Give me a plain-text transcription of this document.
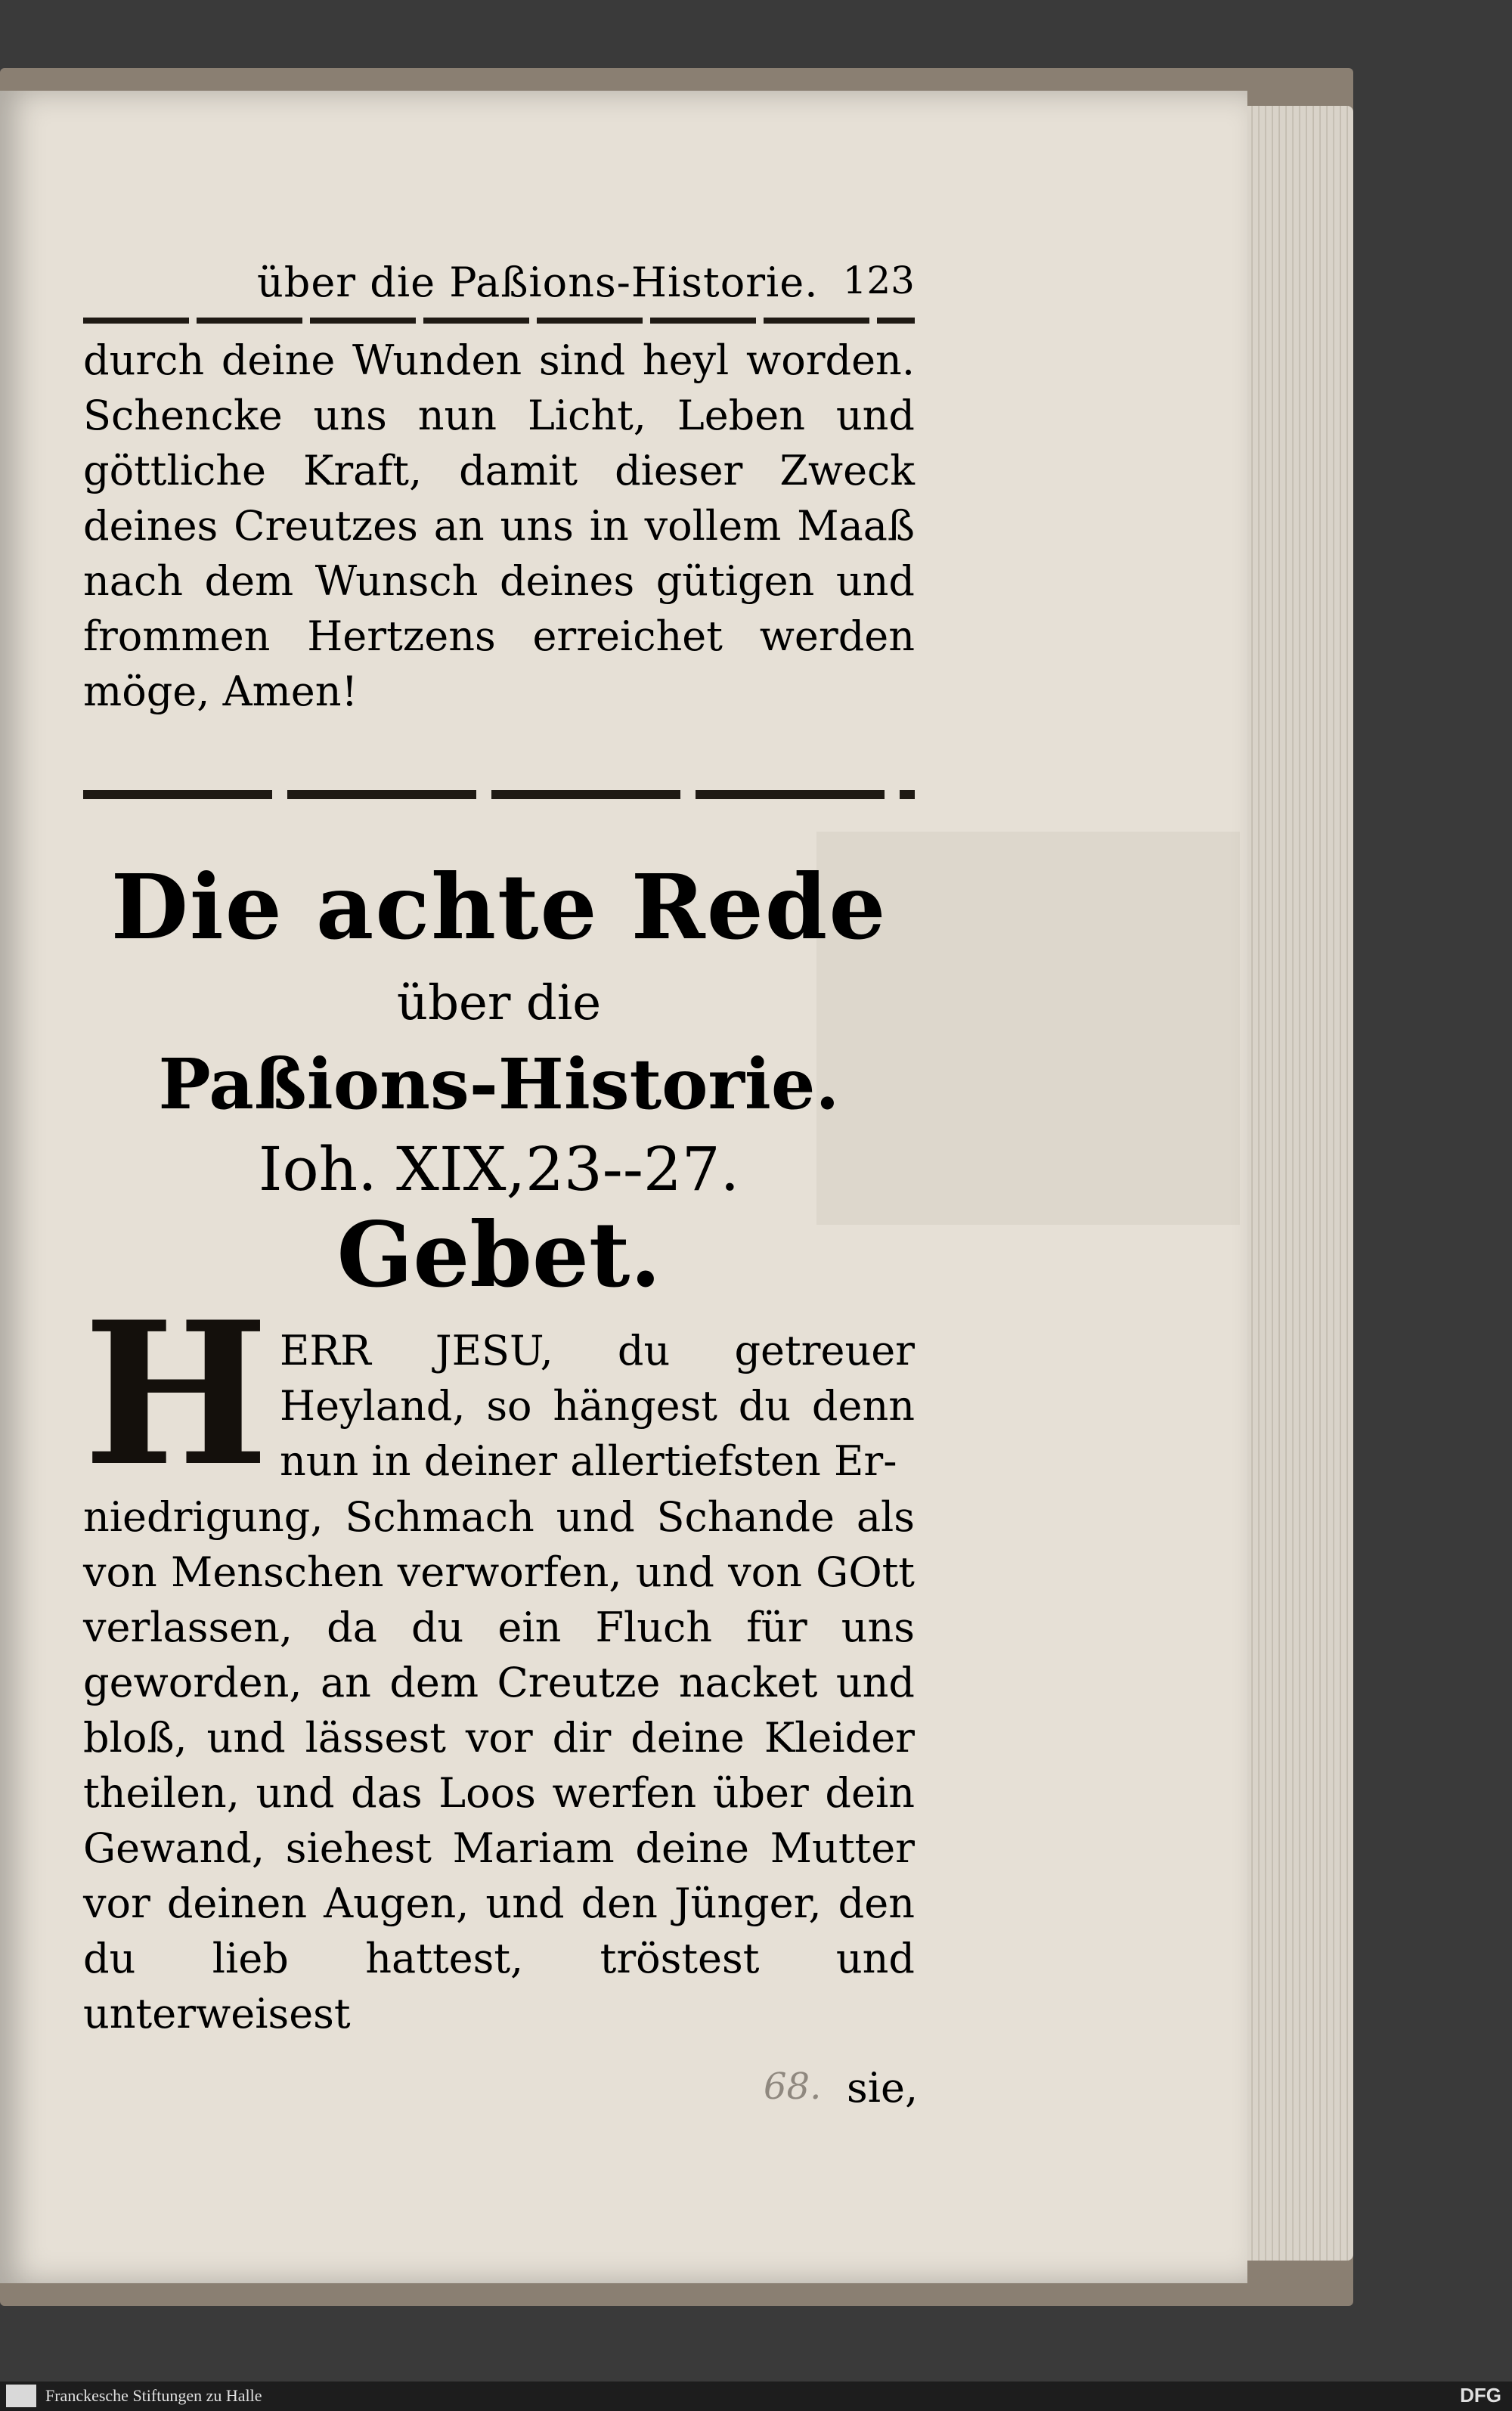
über die Paßions-Historie. 123
durch deine Wunden sind heyl worden. Schencke uns nun Licht, Leben und göttliche Kraft, damit dieser Zweck deines Creutzes an uns in vollem Maaß nach dem Wunsch deines gütigen und frommen Hertzens erreichet werden möge, Amen!
Die achte Rede
über die
Paßions-Historie.
Ioh. XIX,23--27.
Gebet.
H ERR JESU, du getreuer Heyland, so hängest du denn nun in deiner allertiefsten Er-
niedrigung, Schmach und Schande als von Menschen verworfen, und von GOtt verlassen, da du ein Fluch für uns geworden, an dem Creutze nacket und bloß, und lässest vor dir deine Kleider theilen, und das Loos werfen über dein Gewand, siehest Mariam deine Mutter vor deinen Augen, und den Jünger, den du lieb hattest, tröstest und unterweisest
68. sie,
Franckesche Stiftungen zu Halle	DFG
